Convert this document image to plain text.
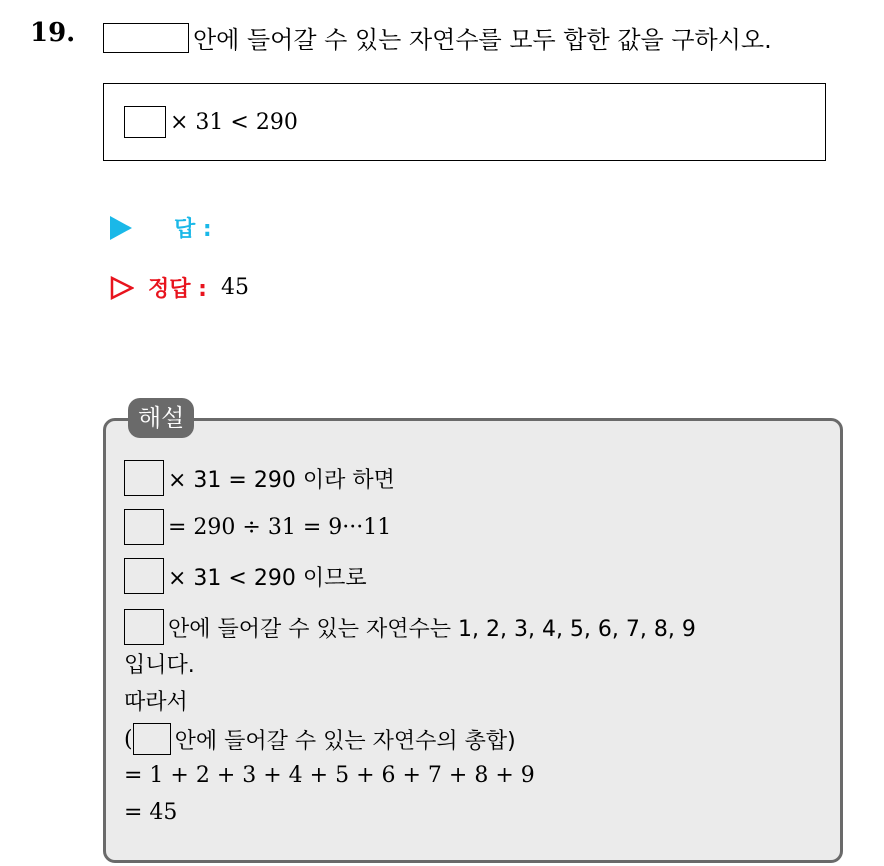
19.	안에 들어갈 수 있는 자연수를 모두 합한 값을 구하시오.
× 31 < 290
답 :
정답 : 45
해설
× 31 = 290 이라 하면
= 290 ÷ 31 = 9···11
× 31 < 290 이므로
안에 들어갈 수 있는 자연수는 1, 2, 3, 4, 5, 6, 7, 8, 9
입니다.
따라서
( 안에 들어갈 수 있는 자연수의 총합)
= 1 + 2 + 3 + 4 + 5 + 6 + 7 + 8 + 9
= 45
